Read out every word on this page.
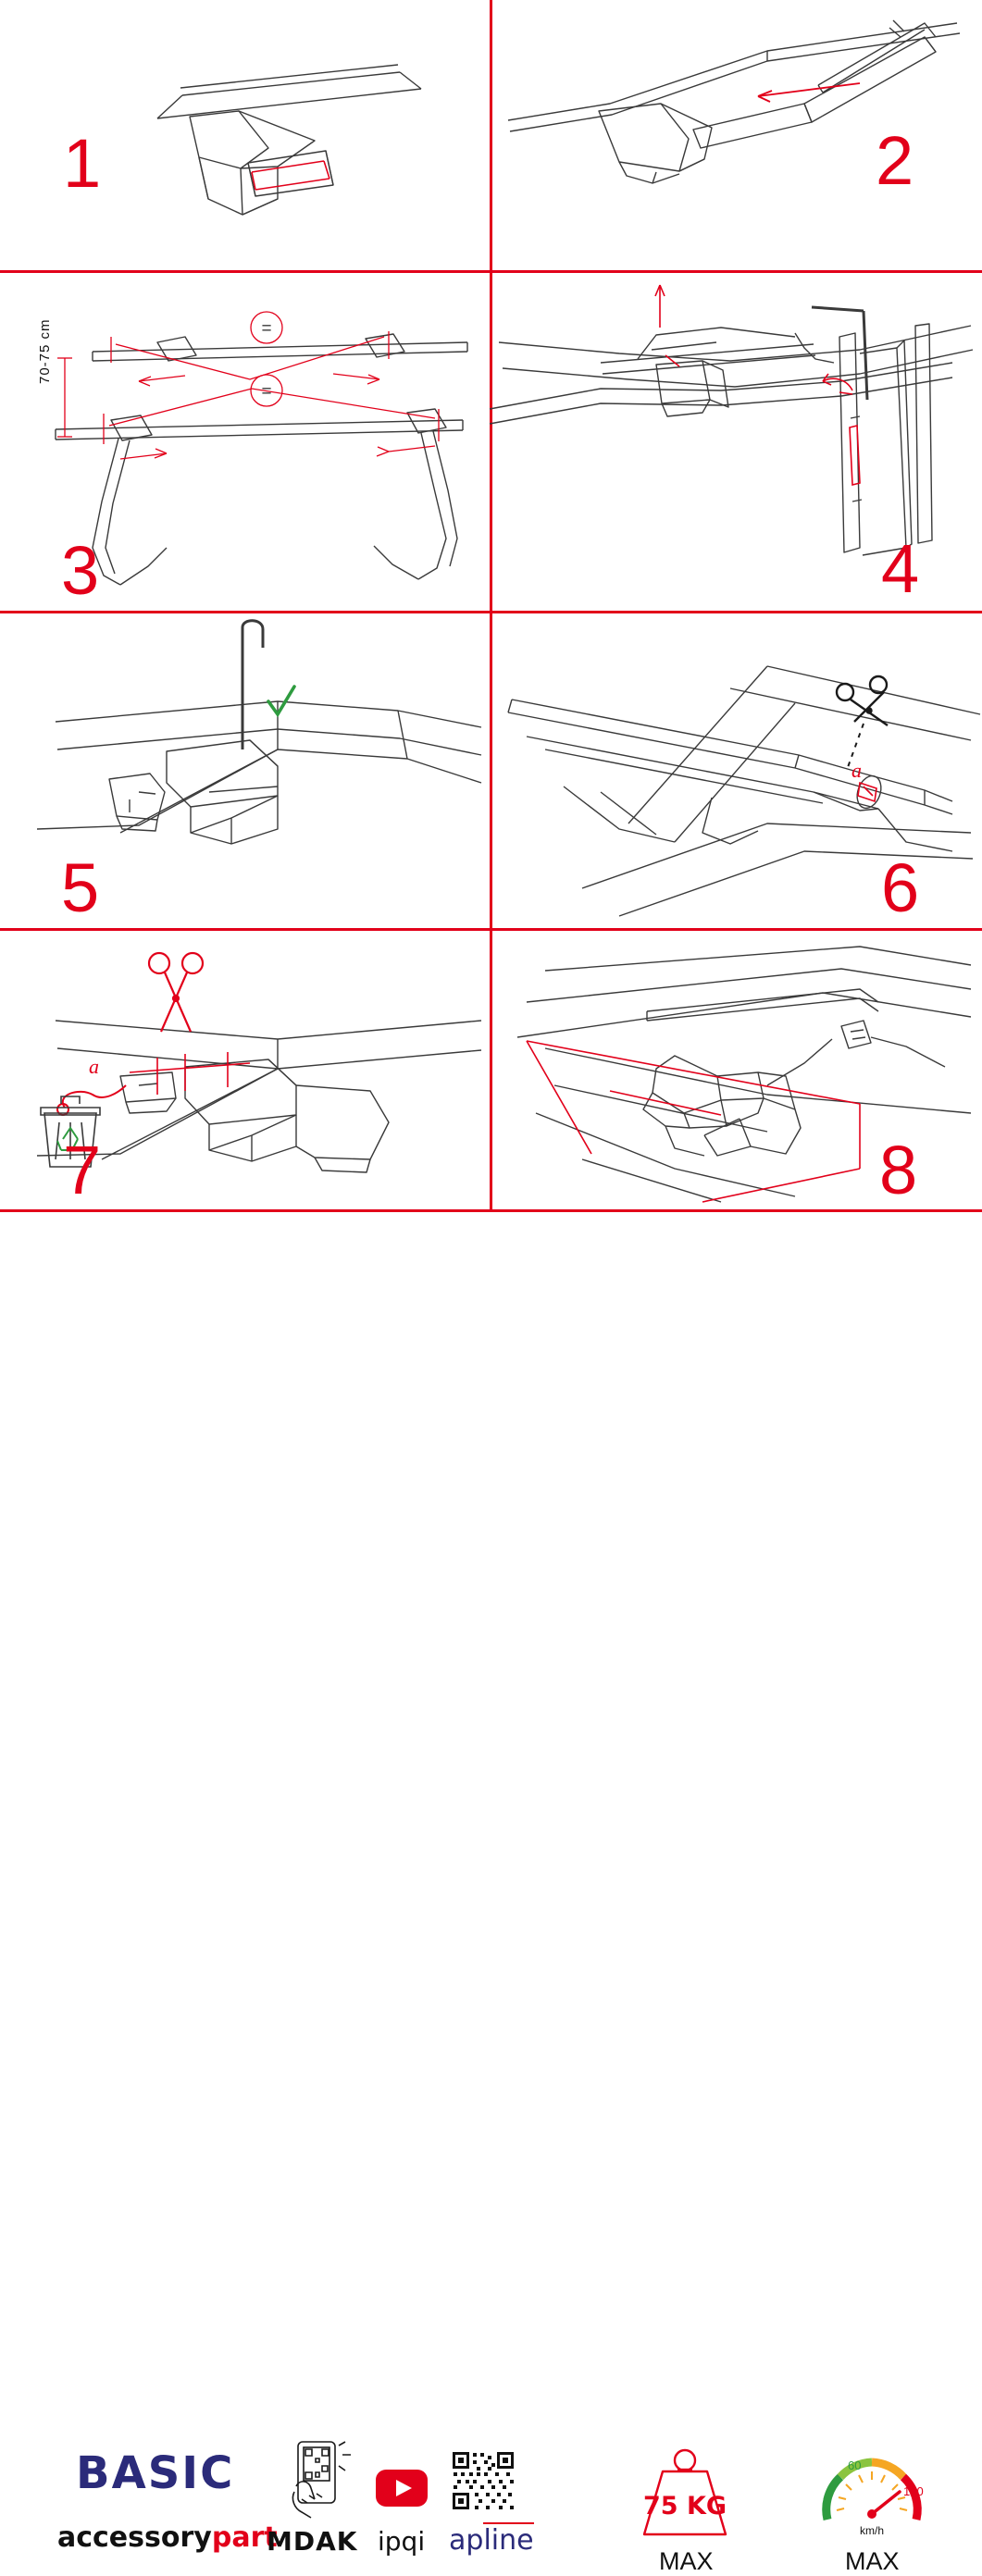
1	2
=
=
70-75 cm
3	4
5
a
6
a
7	8
BASIC
accessorypart
MDAK ipqi apline
75 KG
MAX
60
120
km/h
MAX
